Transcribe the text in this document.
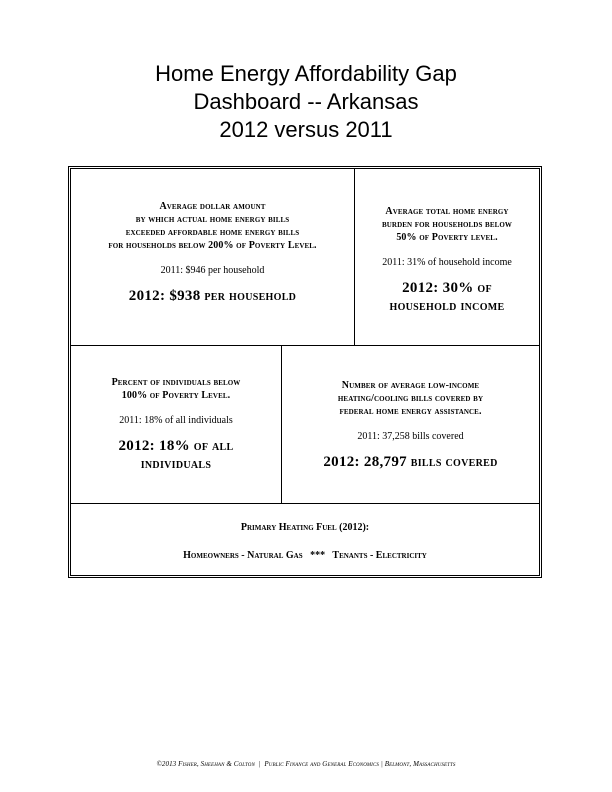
Home Energy Affordability Gap
Dashboard -- Arkansas
2012 versus 2011
Average dollar amount
by which actual home energy bills
exceeded affordable home energy bills
for households below 200% of Poverty Level.
2011: $946 per household
2012: $938 per household
Average total home energy
burden for households below
50% of Poverty level.
2011: 31% of household income
2012: 30% of
household income
Percent of individuals below
100% of Poverty Level.
2011: 18% of all individuals
2012: 18% of all
individuals
Number of average low-income
heating/cooling bills covered by
federal home energy assistance.
2011: 37,258 bills covered
2012: 28,797 bills covered
Primary Heating Fuel (2012):
Homeowners - Natural Gas   ***   Tenants - Electricity
©2013 Fisher, Sheehan & Colton  |  Public Finance and General Economics | Belmont, Massachusetts
